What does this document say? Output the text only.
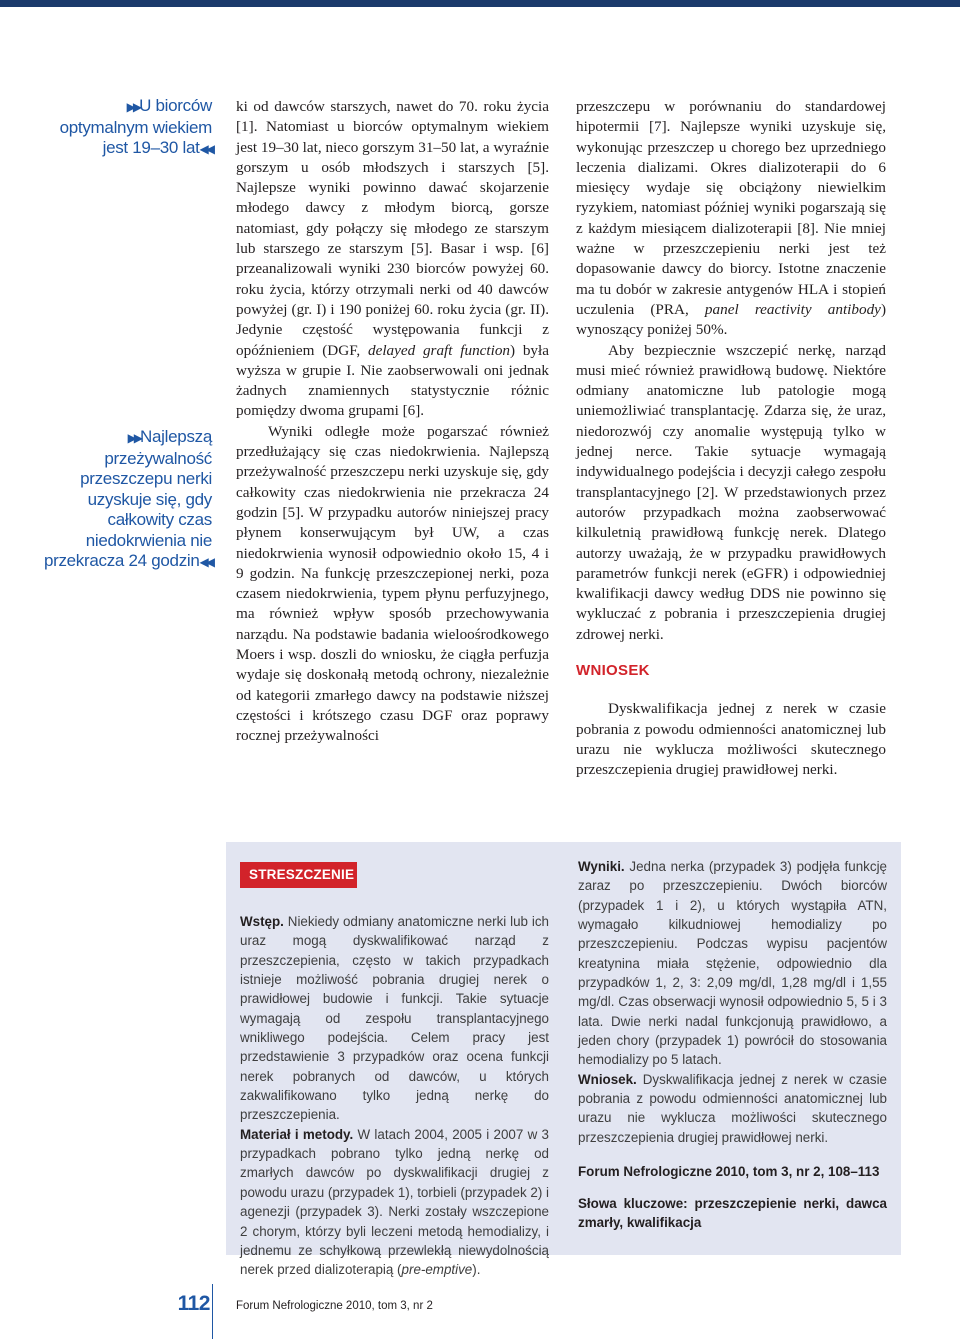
▶▶U biorców
optymalnym wiekiem
jest 19–30 lat◀◀
▶▶Najlepszą
przeżywalność
przeszczepu nerki
uzyskuje się, gdy
całkowity czas
niedokrwienia nie
przekracza 24 godzin◀◀

ki od dawców starszych, nawet do 70. roku życia [1]. Natomiast u biorców optymalnym wiekiem jest 19–30 lat, nieco gorszym 31–50 lat, a wyraźnie gorszym u osób młodszych i starszych [5]. Najlepsze wyniki powinno dawać skojarzenie młodego dawcy z młodym biorcą, gorsze natomiast, gdy połączy się młodego ze starszym lub starszego ze starszym [5]. Basar i wsp. [6] przeanalizowali wyniki 230 biorców powyżej 60. roku życia, którzy otrzymali nerki od 40 dawców powyżej (gr. I) i 190 poniżej 60. roku życia (gr. II). Jedynie częstość występowania funkcji z opóźnieniem (DGF, delayed graft function) była wyższa w grupie I. Nie zaobserwowali oni jednak żadnych znamiennych statystycznie różnic pomiędzy dwoma grupami [6].

Wyniki odległe może pogarszać również przedłużający się czas niedokrwienia. Najlepszą przeżywalność przeszczepu nerki uzyskuje się, gdy całkowity czas niedokrwienia nie przekracza 24 godzin [5]. W przypadku autorów niniejszej pracy płynem konserwującym był UW, a czas niedokrwienia wynosił odpowiednio około 15, 4 i 9 godzin. Na funkcję przeszczepionej nerki, poza czasem niedokrwienia, typem płynu perfuzyjnego, ma również wpływ sposób przechowywania narządu. Na podstawie badania wieloośrodkowego Moers i wsp. doszli do wniosku, że ciągła perfuzja wydaje się doskonałą metodą ochrony, niezależnie od kategorii zmarłego dawcy na podstawie niższej częstości i krótszego czasu DGF oraz poprawy rocznej przeżywalności

przeszczepu w porównaniu do standardowej hipotermii [7]. Najlepsze wyniki uzyskuje się, wykonując przeszczep u chorego bez uprzedniego leczenia dializami. Okres dializoterapii do 6 miesięcy wydaje się obciążony niewielkim ryzykiem, natomiast później wyniki pogarszają się z każdym miesiącem dializoterapii [8]. Nie mniej ważne w przeszczepieniu nerki jest też dopasowanie dawcy do biorcy. Istotne znaczenie ma tu dobór w zakresie antygenów HLA i stopień uczulenia (PRA, panel reactivity antibody) wynoszący poniżej 50%.

Aby bezpiecznie wszczepić nerkę, narząd musi mieć również prawidłową budowę. Niektóre odmiany anatomiczne lub patologie mogą uniemożliwiać transplantację. Zdarza się, że uraz, niedorozwój czy anomalie występują tylko w jednej nerce. Takie sytuacje wymagają indywidualnego podejścia i decyzji całego zespołu transplantacyjnego [2]. W przedstawionych przez autorów przypadkach można zaobserwować kilkuletnią prawidłową funkcję nerek. Dlatego autorzy uważają, że w przypadku prawidłowych parametrów funkcji nerek (eGFR) i odpowiedniej kwalifikacji dawcy według DDS nie powinno się wykluczać z pobrania i przeszczepienia drugiej zdrowej nerki.

WNIOSEK

Dyskwalifikacja jednej z nerek w czasie pobrania z powodu odmienności anatomicznej lub urazu nie wyklucza możliwości skutecznego przeszczepienia drugiej prawidłowej nerki.

STRESZCZENIE

Wstęp. Niekiedy odmiany anatomiczne nerki lub ich uraz mogą dyskwalifikować narząd z przeszczepienia, często w takich przypadkach istnieje możliwość pobrania drugiej nerek o prawidłowej budowie i funkcji. Takie sytuacje wymagają od zespołu transplantacyjnego wnikliwego podejścia. Celem pracy jest przedstawienie 3 przypadków oraz ocena funkcji nerek pobranych od dawców, u których zakwalifikowano tylko jedną nerkę do przeszczepienia.

Materiał i metody. W latach 2004, 2005 i 2007 w 3 przypadkach pobrano tylko jedną nerkę od zmarłych dawców po dyskwalifikacji drugiej z powodu urazu (przypadek 1), torbieli (przypadek 2) i agenezji (przypadek 3). Nerki zostały wszczepione 2 chorym, którzy byli leczeni metodą hemodializy, i jednemu ze schyłkową przewlekłą niewydolnością nerek przed dializoterapią (pre-emptive).

Wyniki. Jedna nerka (przypadek 3) podjęła funkcję zaraz po przeszczepieniu. Dwóch biorców (przypadek 1 i 2), u których wystąpiła ATN, wymagało kilkudniowej hemodializy po przeszczepieniu. Podczas wypisu pacjentów kreatynina miała stężenie, odpowiednio dla przypadków 1, 2, 3: 2,09 mg/dl, 1,28 mg/dl i 1,55 mg/dl. Czas obserwacji wynosił odpowiednio 5, 5 i 3 lata. Dwie nerki nadal funkcjonują prawidłowo, a jeden chory (przypadek 1) powrócił do stosowania hemodializy po 5 latach.

Wniosek. Dyskwalifikacja jednej z nerek w czasie pobrania z powodu odmienności anatomicznej lub urazu nie wyklucza możliwości skutecznego przeszczepienia drugiej prawidłowej nerki.

Forum Nefrologiczne 2010, tom 3, nr 2, 108–113

Słowa kluczowe: przeszczepienie nerki, dawca zmarły, kwalifikacja

112 Forum Nefrologiczne 2010, tom 3, nr 2
